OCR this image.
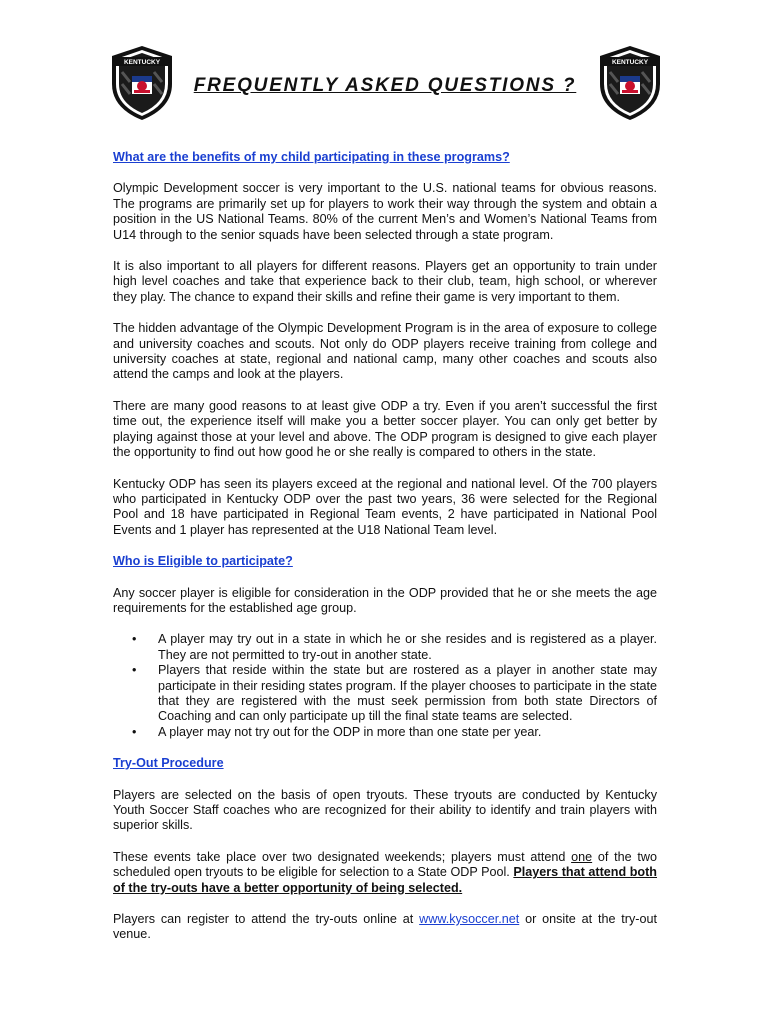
KENTUCKY
FREQUENTLY ASKED QUESTIONS ?
KENTUCKY

What are the benefits of my child participating in these programs?

Olympic Development soccer is very important to the U.S. national teams for obvious reasons. The programs are primarily set up for players to work their way through the system and obtain a position in the US National Teams. 80% of the current Men’s and Women’s National Teams from U14 through to the senior squads have been selected through a state program.

It is also important to all players for different reasons. Players get an opportunity to train under high level coaches and take that experience back to their club, team, high school, or wherever they play. The chance to expand their skills and refine their game is very important to them.

The hidden advantage of the Olympic Development Program is in the area of exposure to college and university coaches and scouts. Not only do ODP players receive training from college and university coaches at state, regional and national camp, many other coaches and scouts also attend the camps and look at the players.

There are many good reasons to at least give ODP a try. Even if you aren’t successful the first time out, the experience itself will make you a better soccer player. You can only get better by playing against those at your level and above. The ODP program is designed to give each player the opportunity to find out how good he or she really is compared to others in the state.

Kentucky ODP has seen its players exceed at the regional and national level. Of the 700 players who participated in Kentucky ODP over the past two years, 36 were selected for the Regional Pool and 18 have participated in Regional Team events, 2 have participated in National Pool Events and 1 player has represented at the U18 National Team level.

Who is Eligible to participate?

Any soccer player is eligible for consideration in the ODP provided that he or she meets the age requirements for the established age group.

• A player may try out in a state in which he or she resides and is registered as a player. They are not permitted to try-out in another state.
• Players that reside within the state but are rostered as a player in another state may participate in their residing states program. If the player chooses to participate in the state that they are registered with the must seek permission from both state Directors of Coaching and can only participate up till the final state teams are selected.
• A player may not try out for the ODP in more than one state per year.

Try-Out Procedure

Players are selected on the basis of open tryouts. These tryouts are conducted by Kentucky Youth Soccer Staff coaches who are recognized for their ability to identify and train players with superior skills.

These events take place over two designated weekends; players must attend one of the two scheduled open tryouts to be eligible for selection to a State ODP Pool. Players that attend both of the try-outs have a better opportunity of being selected.

Players can register to attend the try-outs online at www.kysoccer.net or onsite at the try-out venue.
